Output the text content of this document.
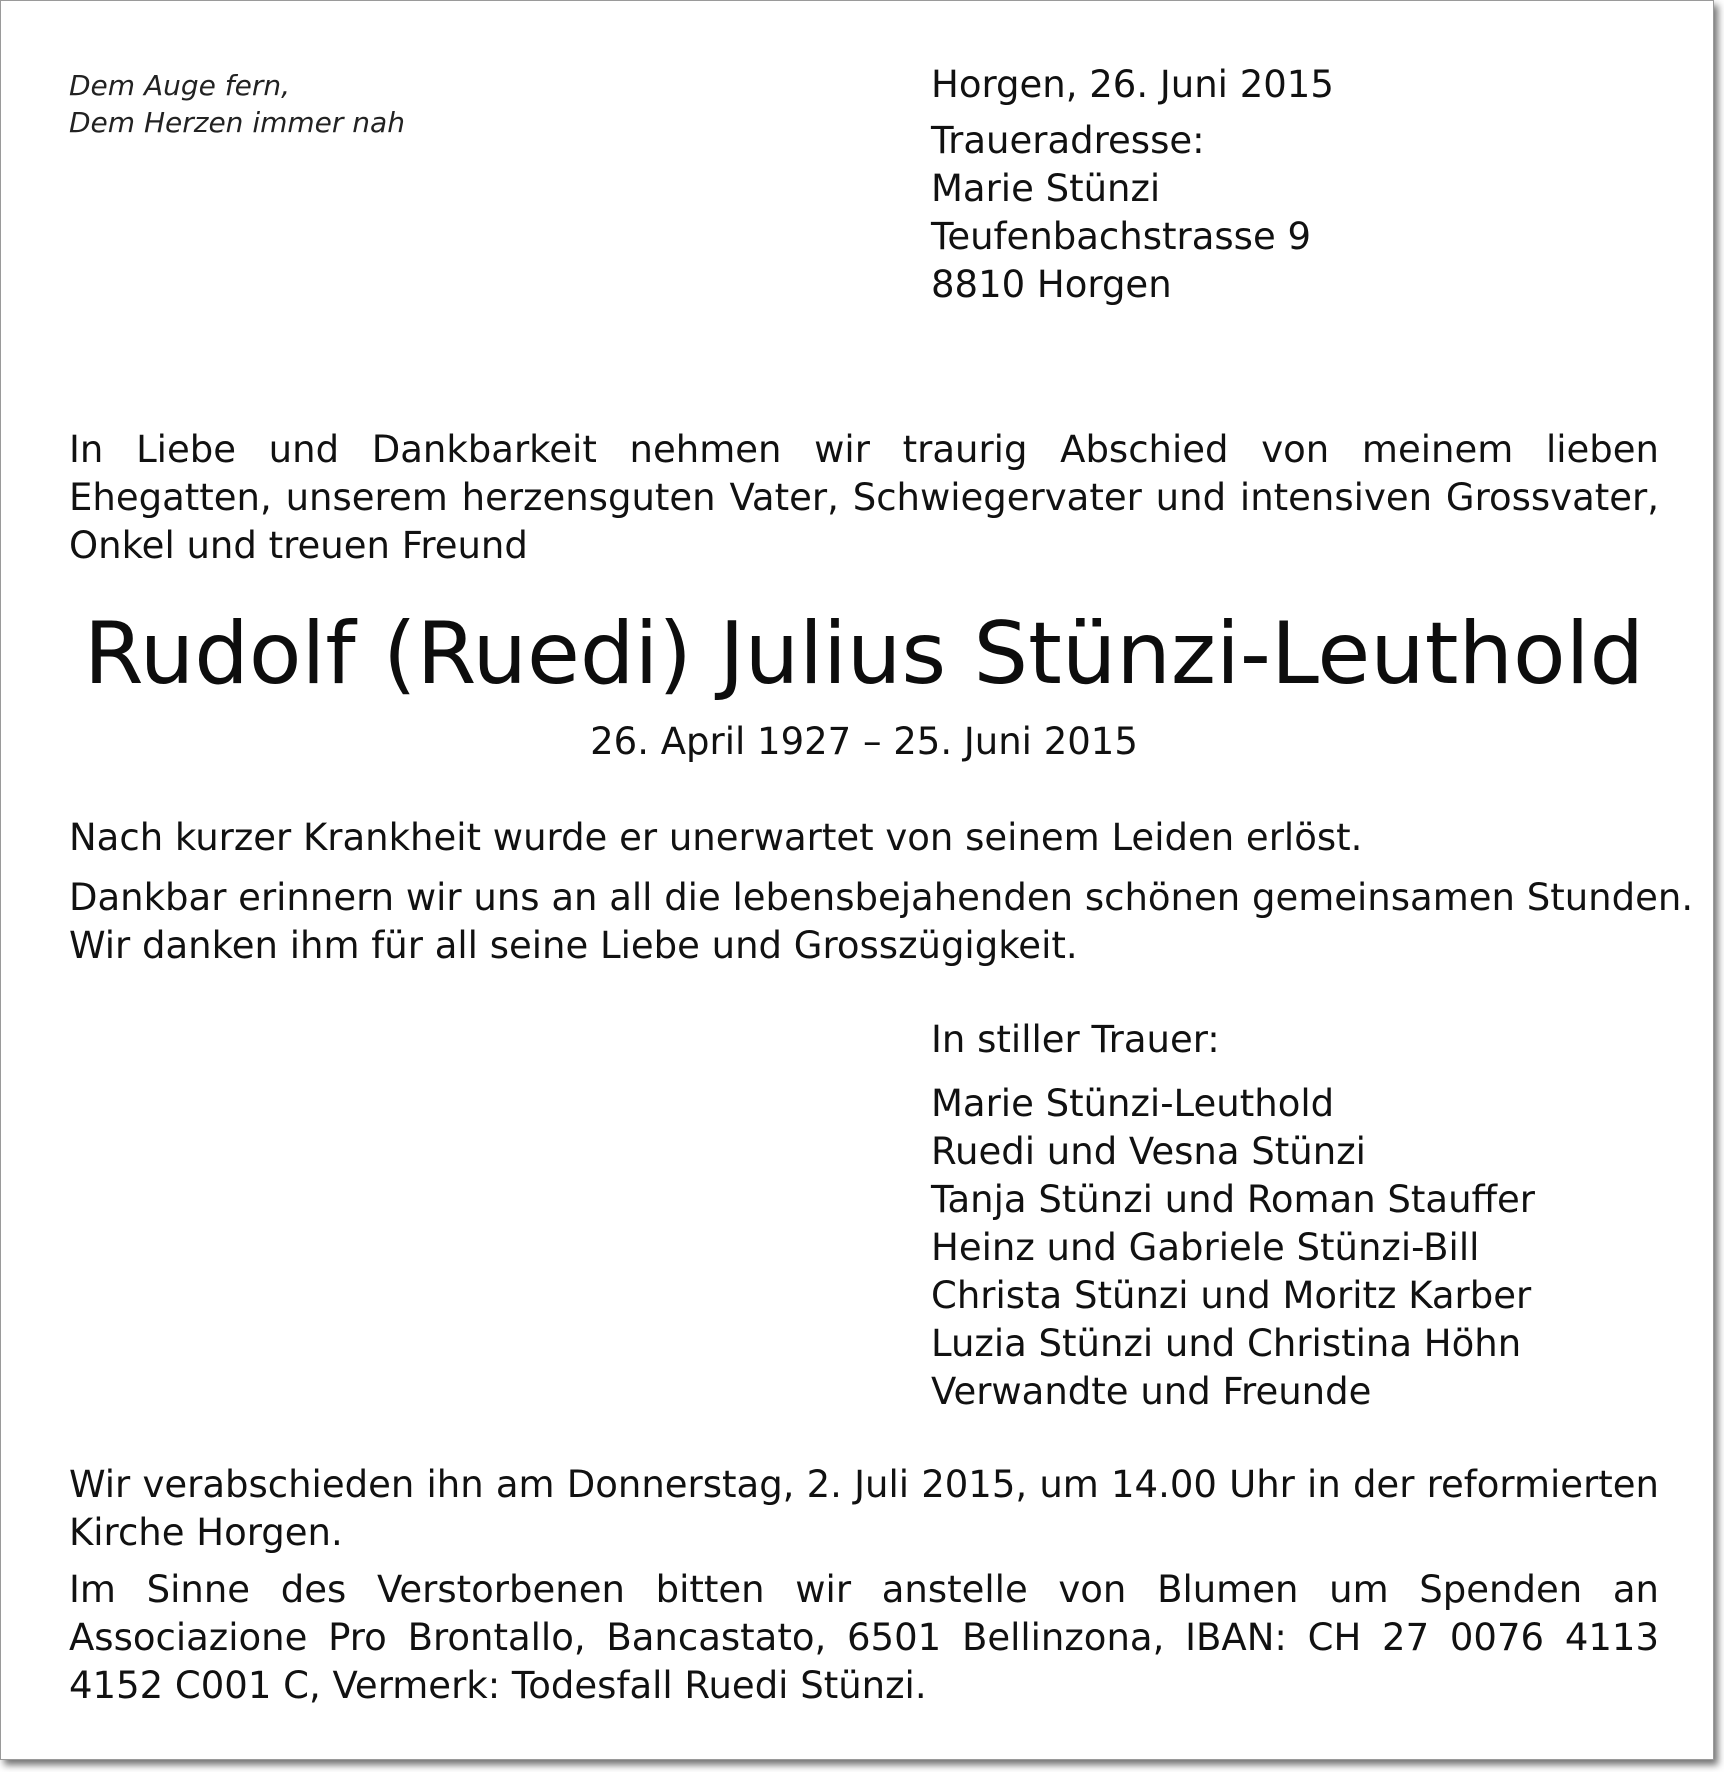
Dem Auge fern,
Dem Herzen immer nah
Horgen, 26. Juni 2015
Traueradresse:
Marie Stünzi
Teufenbachstrasse 9
8810 Horgen
In Liebe und Dankbarkeit nehmen wir traurig Abschied von meinem lieben Ehegatten, unserem herzensguten Vater, Schwiegervater und intensiven Grossvater, Onkel und treuen Freund
Rudolf (Ruedi) Julius Stünzi-Leuthold
26. April 1927 – 25. Juni 2015
Nach kurzer Krankheit wurde er unerwartet von seinem Leiden erlöst.
Dankbar erinnern wir uns an all die lebensbejahenden schönen gemeinsamen Stunden.
Wir danken ihm für all seine Liebe und Grosszügigkeit.
In stiller Trauer:
Marie Stünzi-Leuthold
Ruedi und Vesna Stünzi
Tanja Stünzi und Roman Stauffer
Heinz und Gabriele Stünzi-Bill
Christa Stünzi und Moritz Karber
Luzia Stünzi und Christina Höhn
Verwandte und Freunde
Wir verabschieden ihn am Donnerstag, 2. Juli 2015, um 14.00 Uhr in der reformierten Kirche Horgen.
Im Sinne des Verstorbenen bitten wir anstelle von Blumen um Spenden an Associazione Pro Brontallo, Bancastato, 6501 Bellinzona, IBAN: CH 27 0076 4113 4152 C001 C, Vermerk: Todesfall Ruedi Stünzi.
